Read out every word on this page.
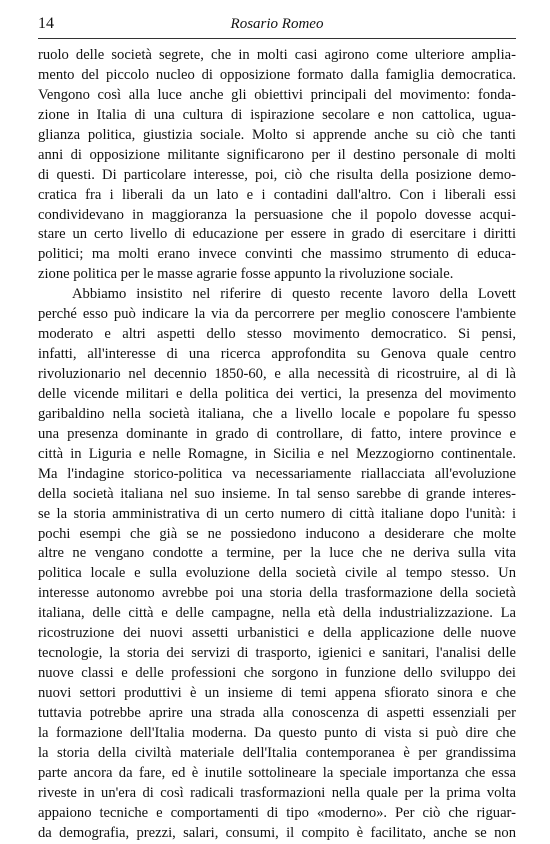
14	Rosario Romeo
ruolo delle società segrete, che in molti casi agirono come ulteriore amplia-
mento del piccolo nucleo di opposizione formato dalla famiglia democratica.
Vengono così alla luce anche gli obiettivi principali del movimento: fonda-
zione in Italia di una cultura di ispirazione secolare e non cattolica, ugua-
glianza politica, giustizia sociale. Molto si apprende anche su ciò che tanti
anni di opposizione militante significarono per il destino personale di molti
di questi. Di particolare interesse, poi, ciò che risulta della posizione demo-
cratica fra i liberali da un lato e i contadini dall'altro. Con i liberali essi
condividevano in maggioranza la persuasione che il popolo dovesse acqui-
stare un certo livello di educazione per essere in grado di esercitare i diritti
politici; ma molti erano invece convinti che massimo strumento di educa-
zione politica per le masse agrarie fosse appunto la rivoluzione sociale.
Abbiamo insistito nel riferire di questo recente lavoro della Lovett
perché esso può indicare la via da percorrere per meglio conoscere l'ambiente
moderato e altri aspetti dello stesso movimento democratico. Si pensi,
infatti, all'interesse di una ricerca approfondita su Genova quale centro
rivoluzionario nel decennio 1850-60, e alla necessità di ricostruire, al di là
delle vicende militari e della politica dei vertici, la presenza del movimento
garibaldino nella società italiana, che a livello locale e popolare fu spesso
una presenza dominante in grado di controllare, di fatto, intere province e
città in Liguria e nelle Romagne, in Sicilia e nel Mezzogiorno continentale.
Ma l'indagine storico-politica va necessariamente riallacciata all'evoluzione
della società italiana nel suo insieme. In tal senso sarebbe di grande interes-
se la storia amministrativa di un certo numero di città italiane dopo l'unità: i
pochi esempi che già se ne possiedono inducono a desiderare che molte
altre ne vengano condotte a termine, per la luce che ne deriva sulla vita
politica locale e sulla evoluzione della società civile al tempo stesso. Un
interesse autonomo avrebbe poi una storia della trasformazione della società
italiana, delle città e delle campagne, nella età della industrializzazione. La
ricostruzione dei nuovi assetti urbanistici e della applicazione delle nuove
tecnologie, la storia dei servizi di trasporto, igienici e sanitari, l'analisi delle
nuove classi e delle professioni che sorgono in funzione dello sviluppo dei
nuovi settori produttivi è un insieme di temi appena sfiorato sinora e che
tuttavia potrebbe aprire una strada alla conoscenza di aspetti essenziali per
la formazione dell'Italia moderna. Da questo punto di vista si può dire che
la storia della civiltà materiale dell'Italia contemporanea è per grandissima
parte ancora da fare, ed è inutile sottolineare la speciale importanza che essa
riveste in un'era di così radicali trasformazioni nella quale per la prima volta
appaiono tecniche e comportamenti di tipo «moderno». Per ciò che riguar-
da demografia, prezzi, salari, consumi, il compito è facilitato, anche se non
